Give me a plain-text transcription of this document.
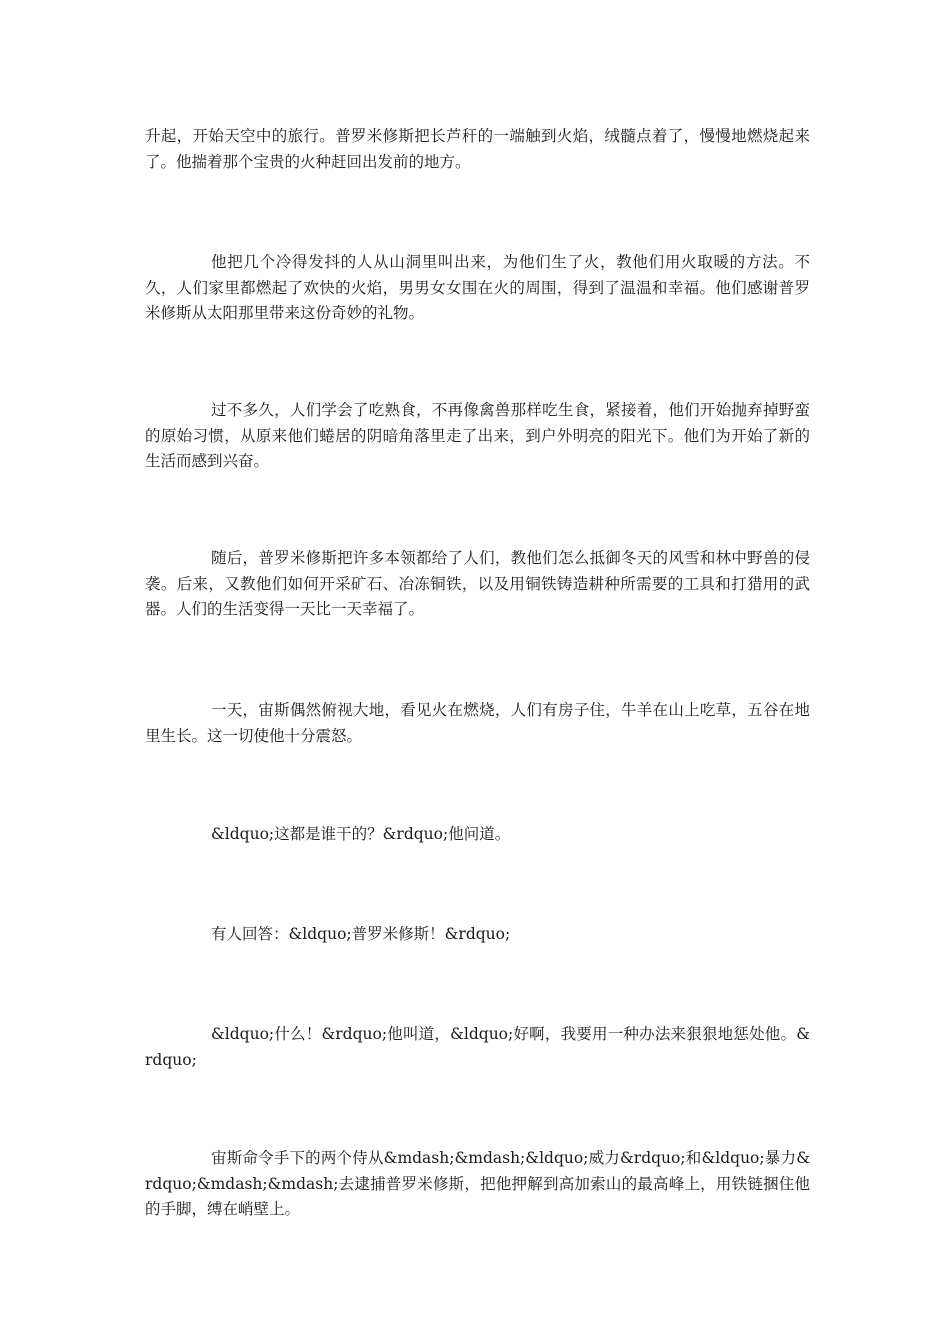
升起，开始天空中的旅行。普罗米修斯把长芦秆的一端触到火焰，绒髓点着了，慢慢地燃烧起来了。他揣着那个宝贵的火种赶回出发前的地方。

他把几个冷得发抖的人从山洞里叫出来，为他们生了火，教他们用火取暖的方法。不久，人们家里都燃起了欢快的火焰，男男女女围在火的周围，得到了温温和幸福。他们感谢普罗米修斯从太阳那里带来这份奇妙的礼物。

过不多久，人们学会了吃熟食，不再像禽兽那样吃生食，紧接着，他们开始抛弃掉野蛮的原始习惯，从原来他们蜷居的阴暗角落里走了出来，到户外明亮的阳光下。他们为开始了新的生活而感到兴奋。

随后，普罗米修斯把许多本领都给了人们，教他们怎么抵御冬天的风雪和林中野兽的侵袭。后来，又教他们如何开采矿石、冶冻铜铁，以及用铜铁铸造耕种所需要的工具和打猎用的武器。人们的生活变得一天比一天幸福了。

一天，宙斯偶然俯视大地，看见火在燃烧，人们有房子住，牛羊在山上吃草，五谷在地里生长。这一切使他十分震怒。

&ldquo;这都是谁干的？&rdquo;他问道。

有人回答：&ldquo;普罗米修斯！&rdquo;

&ldquo;什么！&rdquo;他叫道，&ldquo;好啊，我要用一种办法来狠狠地惩处他。&rdquo;

宙斯命令手下的两个侍从&mdash;&mdash;&ldquo;威力&rdquo;和&ldquo;暴力&rdquo;&mdash;&mdash;去逮捕普罗米修斯，把他押解到高加索山的最高峰上，用铁链捆住他的手脚，缚在峭壁上。
